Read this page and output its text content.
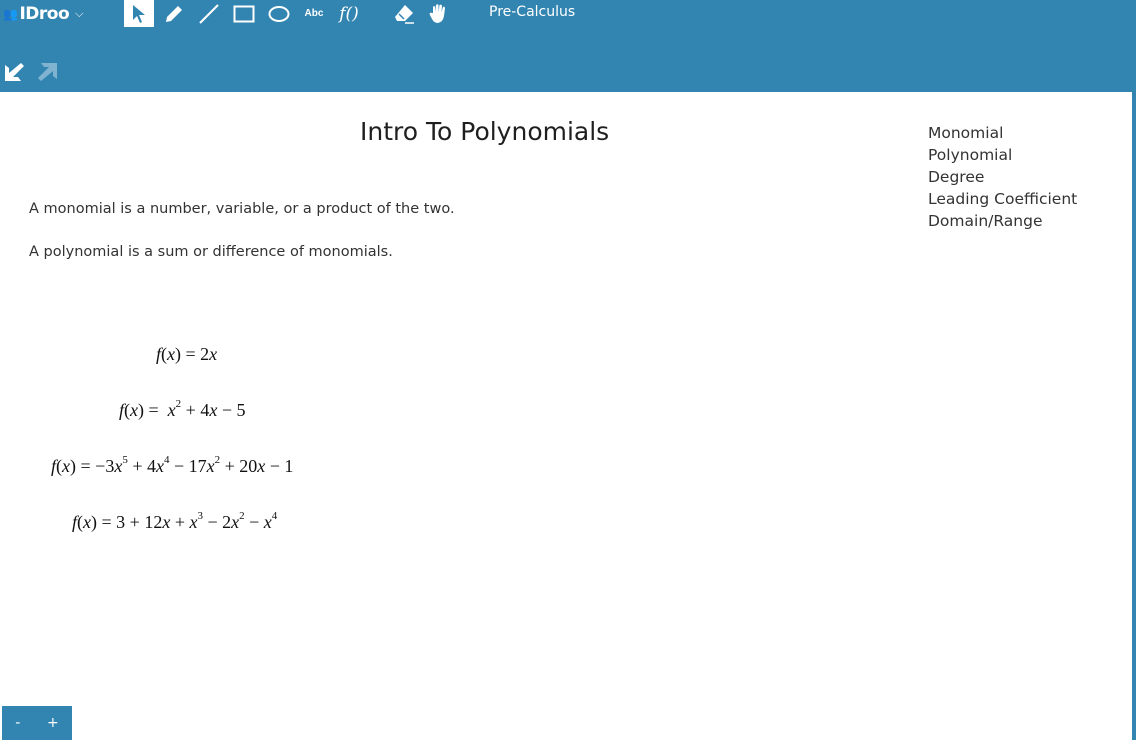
👥 IDroo ⌵	Abc f()	Pre-Calculus
Intro To Polynomials
A monomial is a number, variable, or a product of the two.
A polynomial is a sum or difference of monomials.
Monomial
Polynomial
Degree
Leading Coefficient
Domain/Range
f(x) = 2x
$f(x) = x^2 + 4x - 5$
$f(x) = -3x^5 + 4x^4 - 17x^2 + 20x - 1$
$f(x) = 3 + 12x + x^3 - 2x^2 - x^4$
-	+
